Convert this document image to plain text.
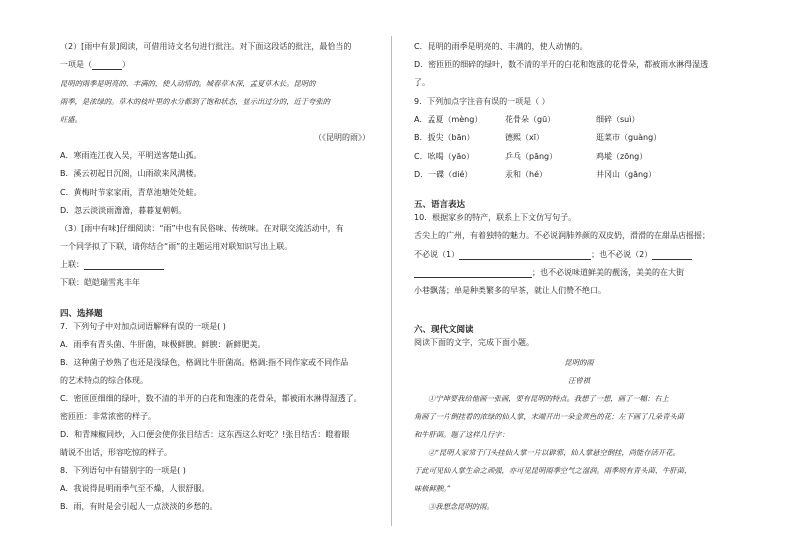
（2）[雨中有景]阅读，可借用诗文名句进行批注。对下面这段话的批注，最恰当的
一项是（	）
昆明的雨季是明亮的、丰满的，使人动情的。城春草木深，孟夏草木长。昆明的
雨季，是浓绿的。草木的枝叶里的水分都到了饱和状态，显示出过分的，近于夸张的
旺盛。
（《昆明的雨》）
A．寒雨连江夜入吴，平明送客楚山孤。
B．溪云初起日沉阁，山雨欲来风满楼。
C．黄梅时节家家雨，青草池塘处处蛙。
D．忽云淡淡雨澹澹，暮暮复朝朝。
（3）[雨中有味]仔细阅读：“雨”中也有民俗味、传统味。在对联交流活动中，有
一个同学拟了下联，请你结合“雨”的主题运用对联知识写出上联。
上联：
下联：皑皑瑞雪兆丰年
四、选择题
7．下列句子中对加点词语解释有误的一项是( )
A．雨季有青头菌、牛肝菌，味极鲜腴。鲜腴：新鲜肥美。
B．这种菌子炒熟了也还是浅绿色，格调比牛肝菌高。格调:指不同作家或不同作品
的艺术特点的综合体现。
C．密匝匝细细的绿叶，数不清的半开的白花和饱涨的花骨朵，都被雨水淋得湿透了。
密匝匝：非常浓密的样子。
D．和青辣椒同炒，入口便会使你张目结舌：这东西这么好吃？!张目结舌：瞪着眼
睛说不出话，形容吃惊的样子。
8．下列语句中有错别字的一项是( )
A．我说得昆明雨季气至不燥，人很舒服。
B．雨，有时是会引起人一点淡淡的乡愁的。
C．昆明的雨季是明亮的、丰满的，使人动情的。
D．密匝匝的细碎的绿叶，数不清的半开的白花和饱涨的花骨朵，都被雨水淋得湿透
了。
9．下列加点字注音有误的一项是（ ）
A．孟夏（mèng）	花骨朵（gū）	细碎（suì）
B．扳尖（bān）	德熙（xī）	逛菜市（guàng）
C．吆喝（yāo）	乒乓（pāng）	鸡㙡（zōng）
D．一碟（dié）	汞和（hé）	井冈山（gāng）
五、语言表达
10．根据家乡的特产，联系上下文仿写句子。
舌尖上的广州，有着独特的魅力。不必说润肺养颜的双皮奶，滑滑的在甜品店摇摇；
不必说（1）	；也不必说（2）
；也不必说味道鲜美的靓汤，美美的在大街
小巷飘荡；单是种类繁多的早茶，就让人们赞不绝口。
六、现代文阅读
阅读下面的文字，完成下面小题。
昆明的雨
汪曾祺
①宁坤要我给他画一张画，要有昆明的特点。我想了一想，画了一幅：右上
角画了一片倒挂着的浓绿的仙人掌，末端开出一朵金黄色的花；左下画了几朵青头菌
和牛肝菌。题了这样几行字：
②“昆明人家常于门头挂仙人掌一片以辟邪，仙人掌悬空倒挂，尚能存活开花。
于此可见仙人掌生命之顽强，亦可见昆明雨季空气之湿润。雨季则有青头菌、牛肝菌，
味极鲜腴。”
③我想念昆明的雨。
